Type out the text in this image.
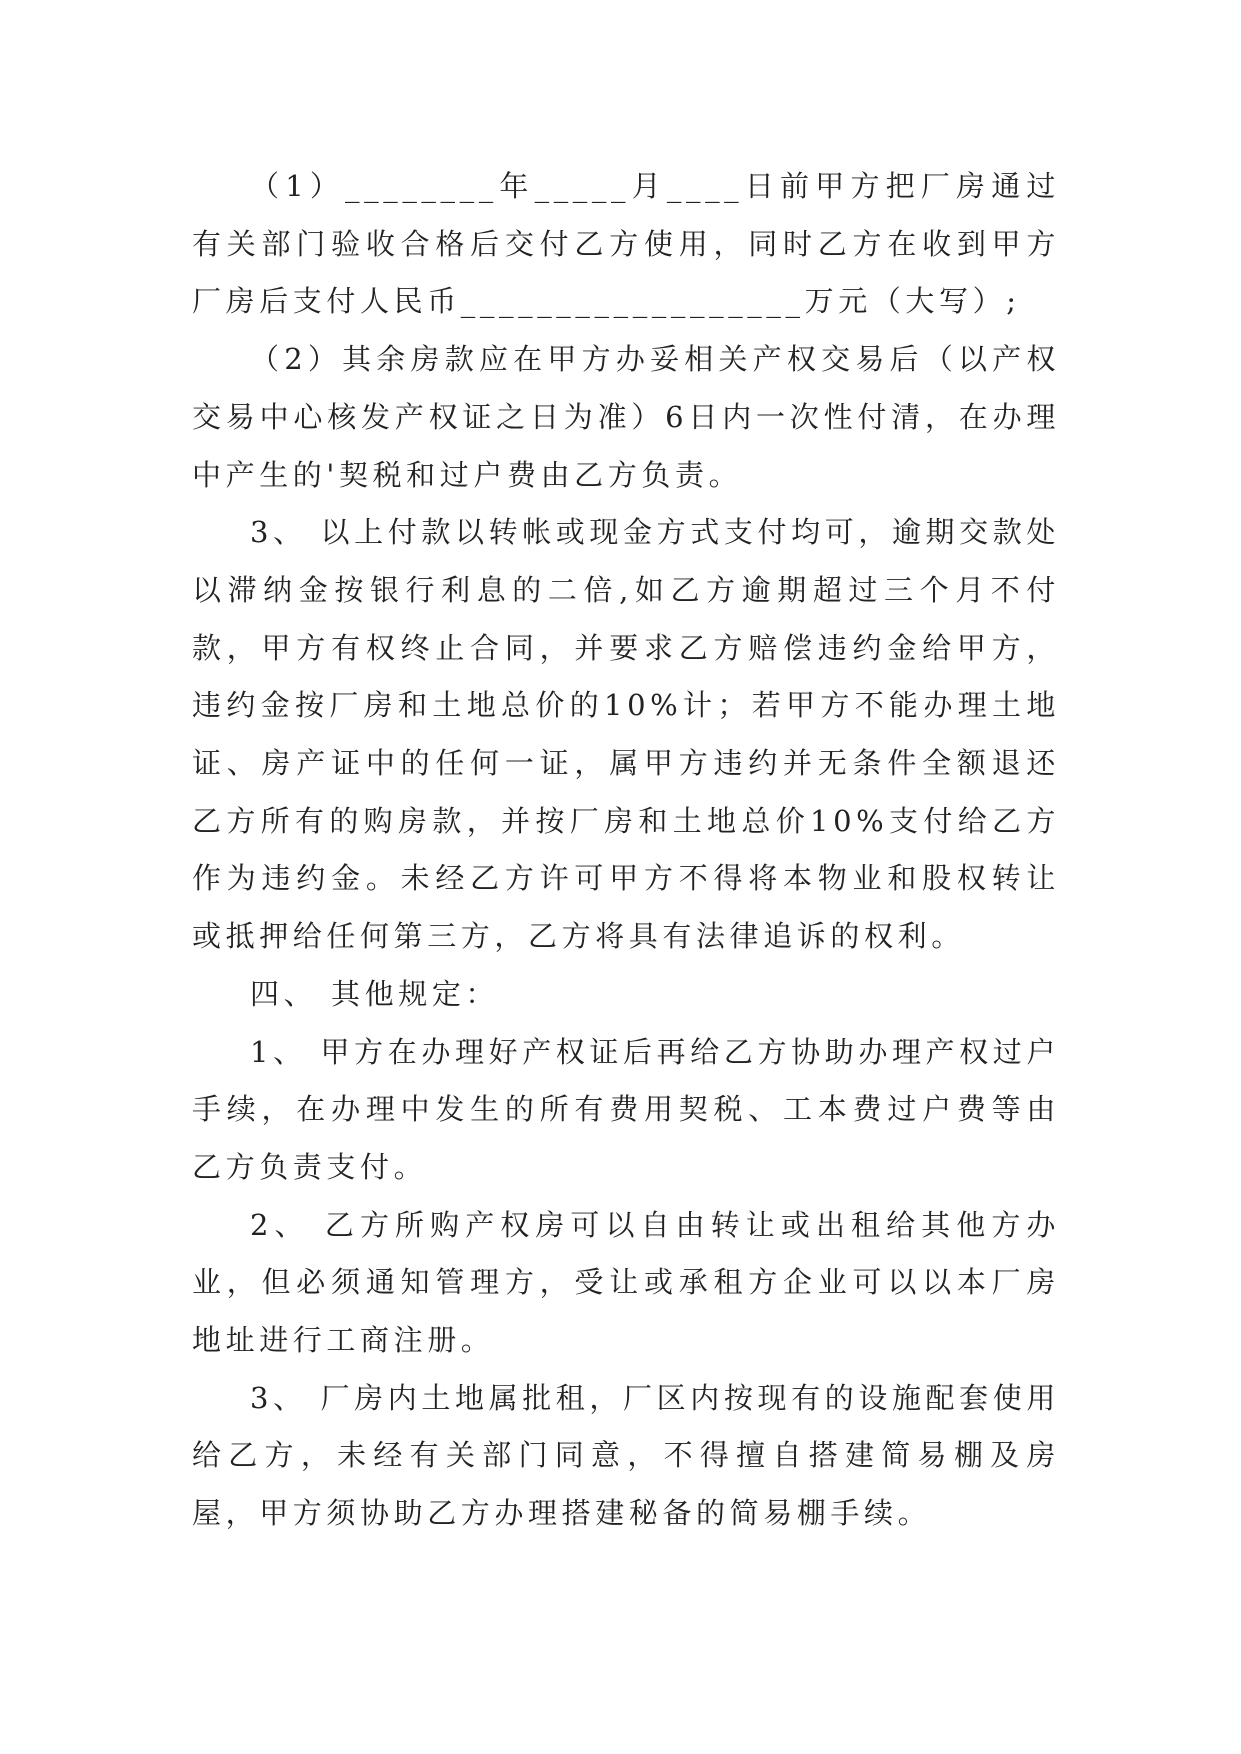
（1）________年_____月____日前甲方把厂房通过有关部门验收合格后交付乙方使用，同时乙方在收到甲方厂房后支付人民币__________________万元（大写）;

（2）其余房款应在甲方办妥相关产权交易后（以产权交易中心核发产权证之日为准）6日内一次性付清，在办理中产生的'契税和过户费由乙方负责。

3、 以上付款以转帐或现金方式支付均可，逾期交款处以滞纳金按银行利息的二倍,如乙方逾期超过三个月不付款，甲方有权终止合同，并要求乙方赔偿违约金给甲方，违约金按厂房和土地总价的10%计；若甲方不能办理土地证、房产证中的任何一证，属甲方违约并无条件全额退还乙方所有的购房款，并按厂房和土地总价10%支付给乙方作为违约金。未经乙方许可甲方不得将本物业和股权转让或抵押给任何第三方，乙方将具有法律追诉的权利。

四、 其他规定：

1、 甲方在办理好产权证后再给乙方协助办理产权过户手续，在办理中发生的所有费用契税、工本费过户费等由乙方负责支付。

2、 乙方所购产权房可以自由转让或出租给其他方办业，但必须通知管理方，受让或承租方企业可以以本厂房地址进行工商注册。

3、 厂房内土地属批租，厂区内按现有的设施配套使用给乙方，未经有关部门同意，不得擅自搭建简易棚及房屋，甲方须协助乙方办理搭建秘备的简易棚手续。
